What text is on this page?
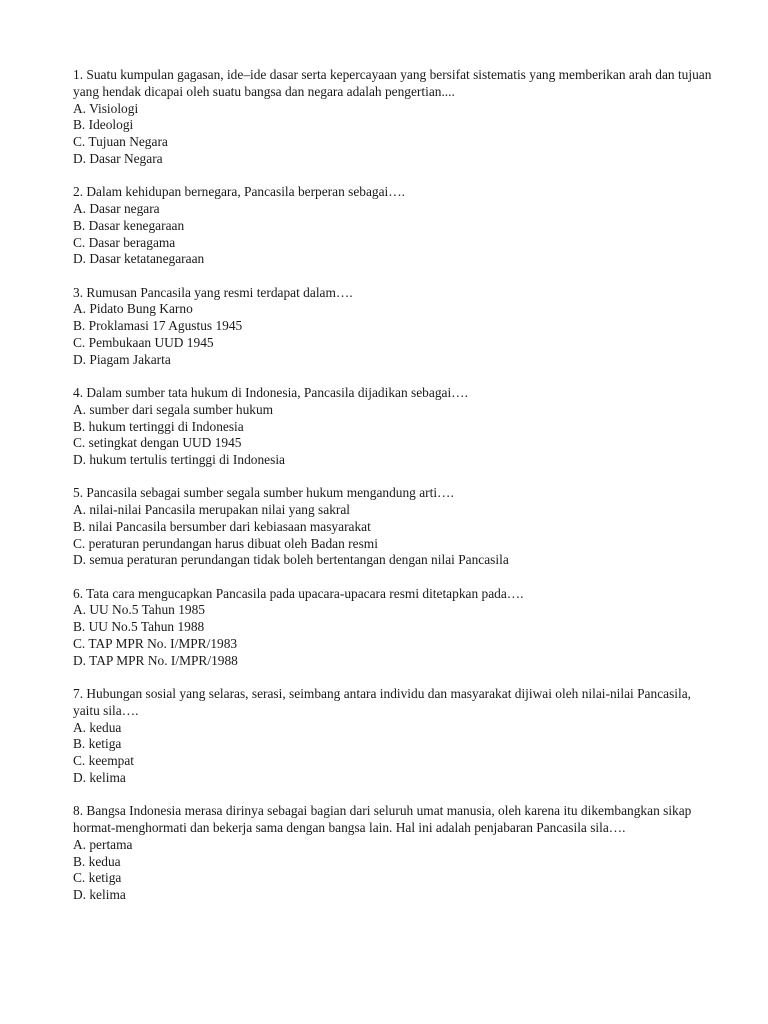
1. Suatu kumpulan gagasan, ide–ide dasar serta kepercayaan yang bersifat sistematis yang memberikan arah dan tujuan yang hendak dicapai oleh suatu bangsa dan negara adalah pengertian....

A. Visiologi
B. Ideologi
C. Tujuan Negara
D. Dasar Negara

2. Dalam kehidupan bernegara, Pancasila berperan sebagai….

A. Dasar negara
B. Dasar kenegaraan
C. Dasar beragama
D. Dasar ketatanegaraan

3. Rumusan Pancasila yang resmi terdapat dalam….

A. Pidato Bung Karno
B. Proklamasi 17 Agustus 1945
C. Pembukaan UUD 1945
D. Piagam Jakarta

4. Dalam sumber tata hukum di Indonesia, Pancasila dijadikan sebagai….

A. sumber dari segala sumber hukum
B. hukum tertinggi di Indonesia
C. setingkat dengan UUD 1945
D. hukum tertulis tertinggi di Indonesia

5. Pancasila sebagai sumber segala sumber hukum mengandung arti….

A. nilai-nilai Pancasila merupakan nilai yang sakral
B. nilai Pancasila bersumber dari kebiasaan masyarakat
C. peraturan perundangan harus dibuat oleh Badan resmi
D. semua peraturan perundangan tidak boleh bertentangan dengan nilai Pancasila

6. Tata cara mengucapkan Pancasila pada upacara-upacara resmi ditetapkan pada….

A. UU No.5 Tahun 1985
B. UU No.5 Tahun 1988
C. TAP MPR No. I/MPR/1983
D. TAP MPR No. I/MPR/1988

7. Hubungan sosial yang selaras, serasi, seimbang antara individu dan masyarakat dijiwai oleh nilai-nilai Pancasila, yaitu sila….

A. kedua
B. ketiga
C. keempat
D. kelima

8. Bangsa Indonesia merasa dirinya sebagai bagian dari seluruh umat manusia, oleh karena itu dikembangkan sikap hormat-menghormati dan bekerja sama dengan bangsa lain. Hal ini adalah penjabaran Pancasila sila….

A. pertama
B. kedua
C. ketiga
D. kelima
